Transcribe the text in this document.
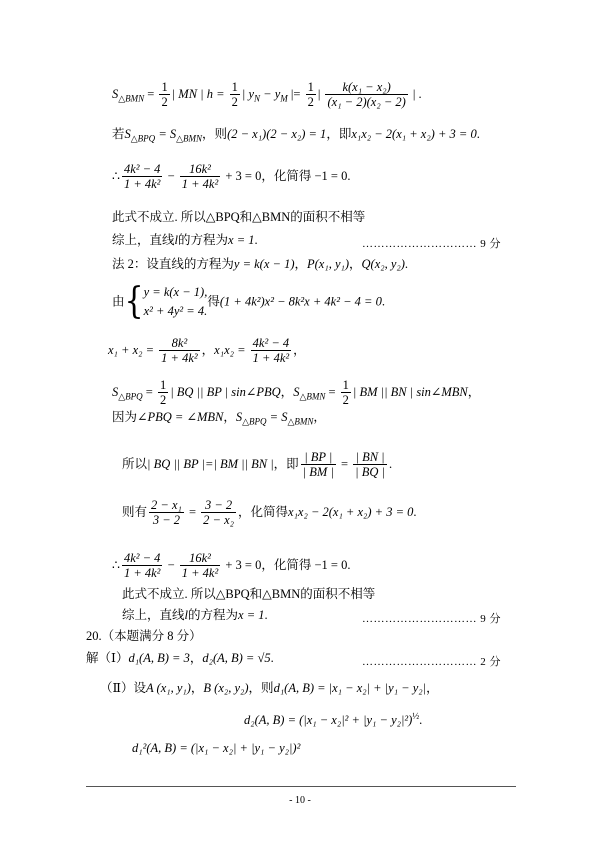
$S_{\triangle BMN} = \frac{1}{2}$ | MN | $h = \frac{1}{2}$ | $y_N - y_M$ |= $\frac{1}{2}$ | $\frac{\text{k(x₁ − x₂)}}{\text{(x₁ − 2)(x₂ − 2)}}$ | .
若$S_{\triangle BPQ} = S_{\triangle BMN}$，则(2 − x₁)(2 − x₂) = 1，即x₁x₂ − 2(x₁ + x₂) + 3 = 0.
∴ $\frac{\text{4k² − 4}}{\text{1 + 4k²}} - \frac{\text{16k²}}{\text{1 + 4k²}} + 3 = 0$，化简得 −1 = 0.
此式不成立. 所以△BPQ和△BMN的面积不相等
综上，直线l的方程为x = 1.	………………………… 9 分
法 2：设直线的方程为y = k(x − 1)，P(x₁, y₁)，Q(x₂, y₂).
由{ y = k(x − 1),
x² + 4y² = 4.
得(1 + 4k²)x² − 8k²x + 4k² − 4 = 0.
$x_1 + x_2 = \frac{\text{8k²}}{\text{1 + 4k²}}$ ，$x_1x_2 = \frac{\text{4k² − 4}}{\text{1 + 4k²}}$ ，
$S_{\triangle BPQ} = \frac{1}{2}$ | BQ || BP | sin∠PBQ，$S_{\triangle BMN} = \frac{1}{2}$ | BM || BN | sin∠MBN，
因为∠PBQ = ∠MBN，$S_{\triangle BPQ} = S_{\triangle BMN}$，
所以| BQ || BP |=| BM || BN |，即 $\frac{| BP |}{| BM |} = \frac{| BN |}{| BQ |}$ .
则有 $\frac{\text{2 − x₁}}{3 - 2} = \frac{3 - 2}{\text{2 − x₂}}$ ，化简得x₁x₂ − 2(x₁ + x₂) + 3 = 0.
∴ $\frac{\text{4k² − 4}}{\text{1 + 4k²}} - \frac{\text{16k²}}{\text{1 + 4k²}} + 3 = 0$，化简得 −1 = 0.
此式不成立. 所以△BPQ和△BMN的面积不相等
综上，直线l的方程为x = 1.	………………………… 9 分
20.（本题满分 8 分）
解（Ⅰ）d₁(A, B) = 3，d₂(A, B) = √5.	………………………… 2 分
（Ⅱ）设A (x₁, y₁)，B (x₂, y₂)，则d₁(A, B) = |x₁ − x₂| + |y₁ − y₂|，
d₂(A, $B) = (|x_1 - x_2|^2 + |y_1 - y_2|^2)^{\frac{1}{2}}$.
d₁²(A, B) = (|x₁ − x₂| + |y₁ − y₂|)²
- 10 -
